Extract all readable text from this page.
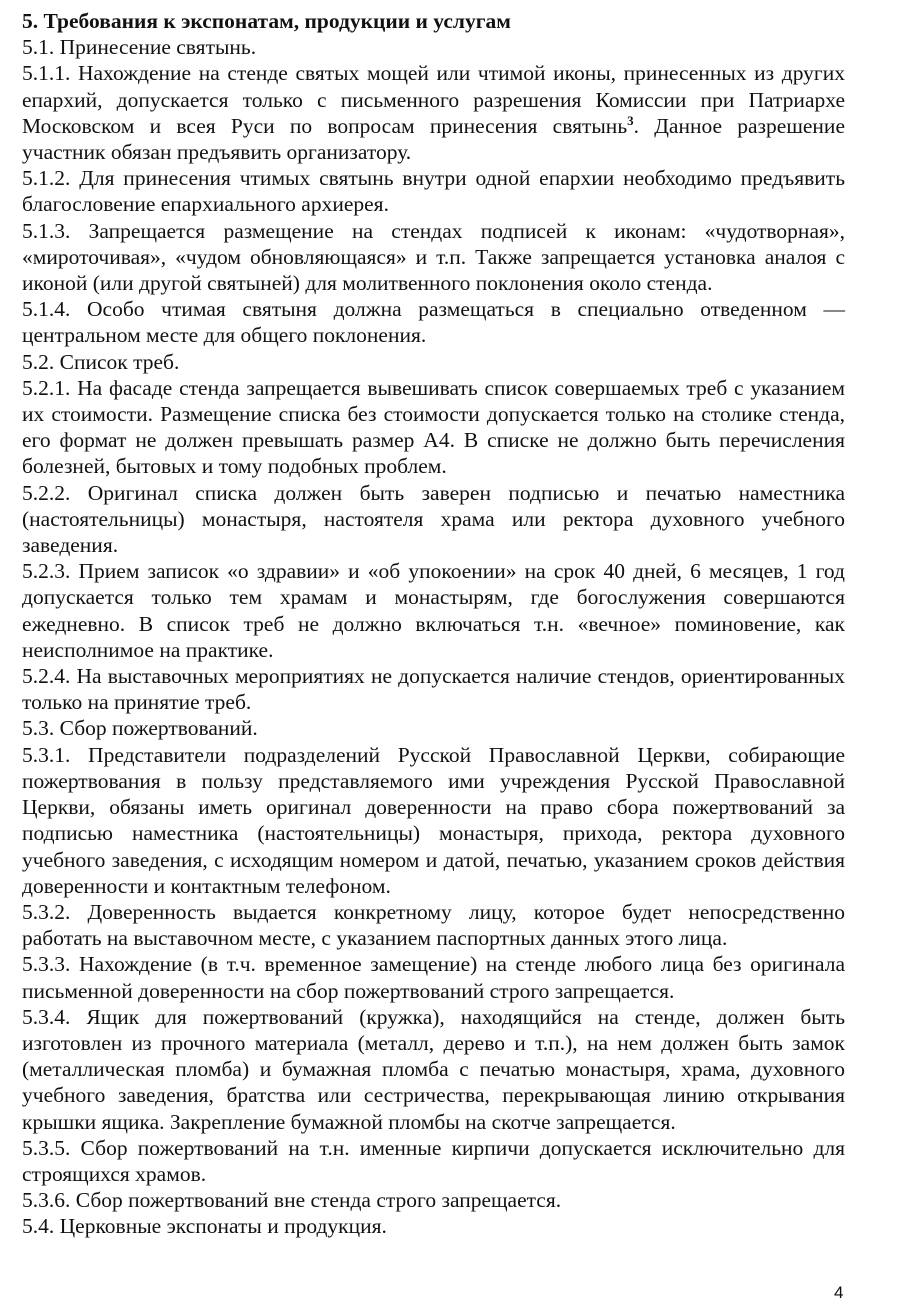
5. Требования к экспонатам, продукции и услугам

5.1. Принесение святынь.

5.1.1. Нахождение на стенде святых мощей или чтимой иконы, принесенных из других епархий, допускается только с письменного разрешения Комиссии при Патриархе Московском и всея Руси по вопросам принесения святынь$^3$. Данное разрешение участник обязан предъявить организатору.

5.1.2. Для принесения чтимых святынь внутри одной епархии необходимо предъявить благословение епархиального архиерея.

5.1.3. Запрещается размещение на стендах подписей к иконам: «чудотворная», «мироточивая», «чудом обновляющаяся» и т.п. Также запрещается установка аналоя с иконой (или другой святыней) для молитвенного поклонения около стенда.

5.1.4. Особо чтимая святыня должна размещаться в специально отведенном — центральном месте для общего поклонения.

5.2. Список треб.

5.2.1. На фасаде стенда запрещается вывешивать список совершаемых треб с указанием их стоимости. Размещение списка без стоимости допускается только на столике стенда, его формат не должен превышать размер А4. В списке не должно быть перечисления болезней, бытовых и тому подобных проблем.

5.2.2. Оригинал списка должен быть заверен подписью и печатью наместника (настоятельницы) монастыря, настоятеля храма или ректора духовного учебного заведения.

5.2.3. Прием записок «о здравии» и «об упокоении» на срок 40 дней, 6 месяцев, 1 год допускается только тем храмам и монастырям, где богослужения совершаются ежедневно. В список треб не должно включаться т.н. «вечное» поминовение, как неисполнимое на практике.

5.2.4. На выставочных мероприятиях не допускается наличие стендов, ориентированных только на принятие треб.

5.3. Сбор пожертвований.

5.3.1. Представители подразделений Русской Православной Церкви, собирающие пожертвования в пользу представляемого ими учреждения Русской Православной Церкви, обязаны иметь оригинал доверенности на право сбора пожертвований за подписью наместника (настоятельницы) монастыря, прихода, ректора духовного учебного заведения, с исходящим номером и датой, печатью, указанием сроков действия доверенности и контактным телефоном.

5.3.2. Доверенность выдается конкретному лицу, которое будет непосредственно работать на выставочном месте, с указанием паспортных данных этого лица.

5.3.3. Нахождение (в т.ч. временное замещение) на стенде любого лица без оригинала письменной доверенности на сбор пожертвований строго запрещается.

5.3.4. Ящик для пожертвований (кружка), находящийся на стенде, должен быть изготовлен из прочного материала (металл, дерево и т.п.), на нем должен быть замок (металлическая пломба) и бумажная пломба с печатью монастыря, храма, духовного учебного заведения, братства или сестричества, перекрывающая линию открывания крышки ящика. Закрепление бумажной пломбы на скотче запрещается.

5.3.5. Сбор пожертвований на т.н. именные кирпичи допускается исключительно для строящихся храмов.

5.3.6. Сбор пожертвований вне стенда строго запрещается.

5.4. Церковные экспонаты и продукция.

4
